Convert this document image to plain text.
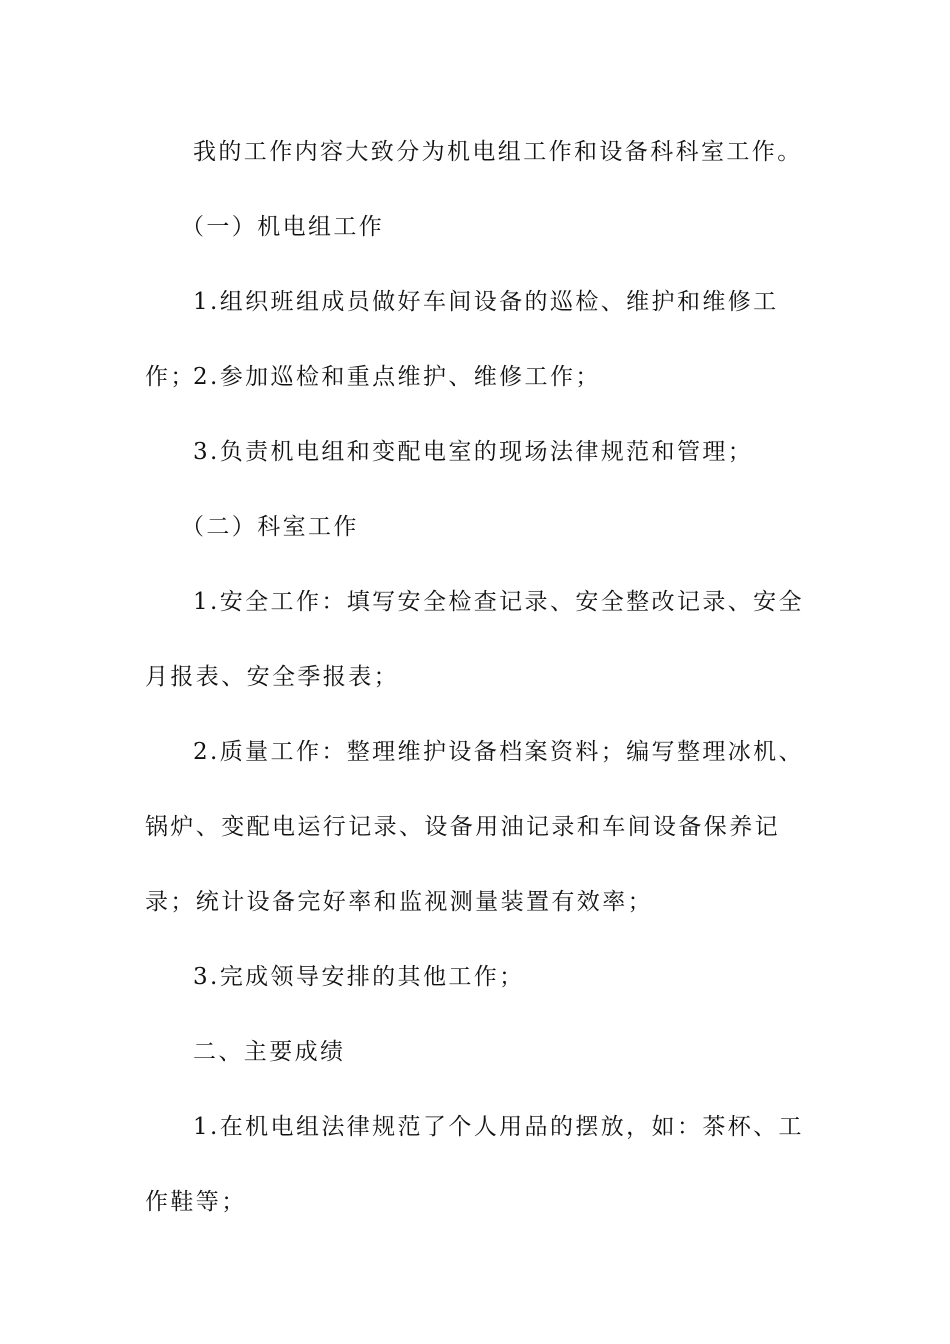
我的工作内容大致分为机电组工作和设备科科室工作。

（一）机电组工作

1.组织班组成员做好车间设备的巡检、维护和维修工作；

2.参加巡检和重点维护、维修工作；

3.负责机电组和变配电室的现场法律规范和管理；

（二）科室工作

1.安全工作：填写安全检查记录、安全整改记录、安全月报表、安全季报表；

2.质量工作：整理维护设备档案资料；编写整理冰机、锅炉、变配电运行记录、设备用油记录和车间设备保养记录；统计设备完好率和监视测量装置有效率；

3.完成领导安排的其他工作；

二、主要成绩

1.在机电组法律规范了个人用品的摆放，如：茶杯、工作鞋等；
